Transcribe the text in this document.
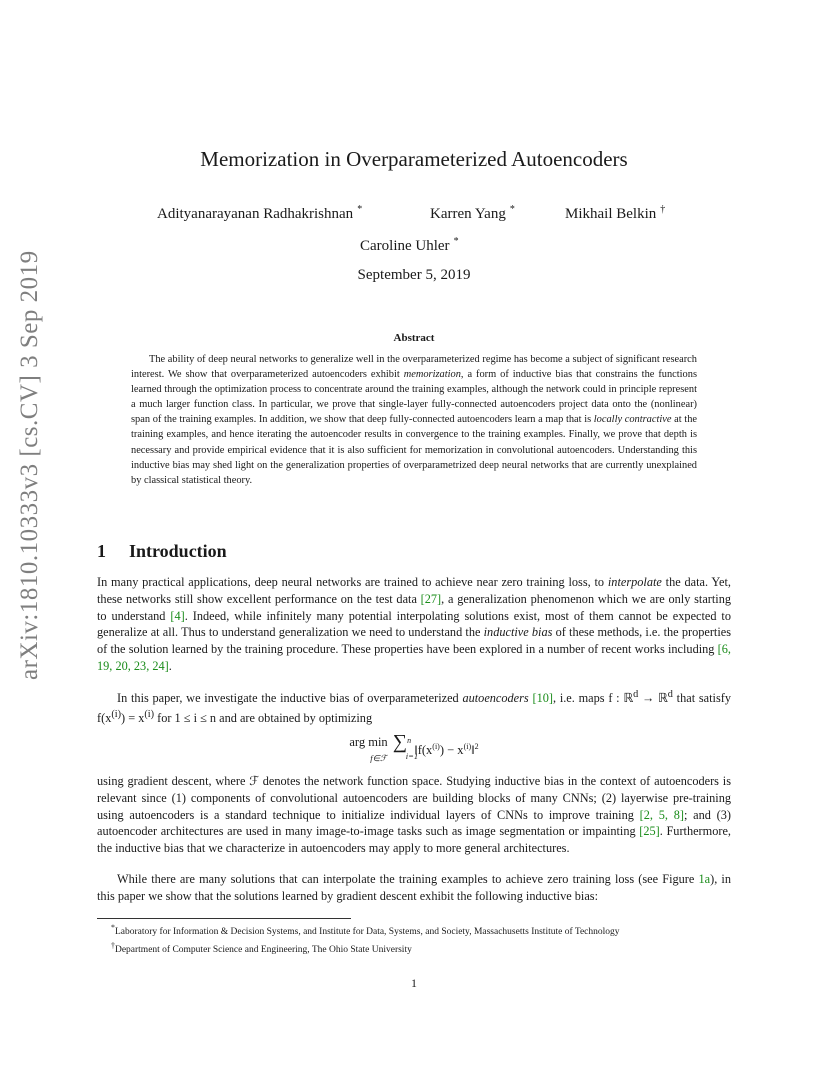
arXiv:1810.10333v3 [cs.CV] 3 Sep 2019
Memorization in Overparameterized Autoencoders
Adityanarayanan Radhakrishnan *	Karren Yang *	Mikhail Belkin †
Caroline Uhler *
September 5, 2019
Abstract
The ability of deep neural networks to generalize well in the overparameterized regime has become a subject of significant research interest. We show that overparameterized autoencoders exhibit memorization, a form of inductive bias that constrains the functions learned through the optimization process to concentrate around the training examples, although the network could in principle represent a much larger function class. In particular, we prove that single-layer fully-connected autoencoders project data onto the (nonlinear) span of the training examples. In addition, we show that deep fully-connected autoencoders learn a map that is locally contractive at the training examples, and hence iterating the autoencoder results in convergence to the training examples. Finally, we prove that depth is necessary and provide empirical evidence that it is also sufficient for memorization in convolutional autoencoders. Understanding this inductive bias may shed light on the generalization properties of overparametrized deep neural networks that are currently unexplained by classical statistical theory.
1 Introduction
In many practical applications, deep neural networks are trained to achieve near zero training loss, to interpolate the data. Yet, these networks still show excellent performance on the test data [27], a generalization phenomenon which we are only starting to understand [4]. Indeed, while infinitely many potential interpolating solutions exist, most of them cannot be expected to generalize at all. Thus to understand generalization we need to understand the inductive bias of these methods, i.e. the properties of the solution learned by the training procedure. These properties have been explored in a number of recent works including [6, 19, 20, 23, 24].
In this paper, we investigate the inductive bias of overparameterized autoencoders [10], i.e. maps f : ℝ$^d$ → ℝ$^d$ that satisfy $f(x^{(i)}) = x^{(i)}$ for 1 ≤ i ≤ n and are obtained by optimizing
arg min
f∈ℱ ∑$^n$
$^{i=1}$ $‖f(x^{(i)})$ − $x^{(i)}‖^2$
using gradient descent, where ℱ denotes the network function space. Studying inductive bias in the context of autoencoders is relevant since (1) components of convolutional autoencoders are building blocks of many CNNs; (2) layerwise pre-training using autoencoders is a standard technique to initialize individual layers of CNNs to improve training [2, 5, 8]; and (3) autoencoder architectures are used in many image-to-image tasks such as image segmentation or impainting [25]. Furthermore, the inductive bias that we characterize in autoencoders may apply to more general architectures.
While there are many solutions that can interpolate the training examples to achieve zero training loss (see Figure 1a), in this paper we show that the solutions learned by gradient descent exhibit the following inductive bias:
*Laboratory for Information & Decision Systems, and Institute for Data, Systems, and Society, Massachusetts Institute of Technology
†Department of Computer Science and Engineering, The Ohio State University
1
